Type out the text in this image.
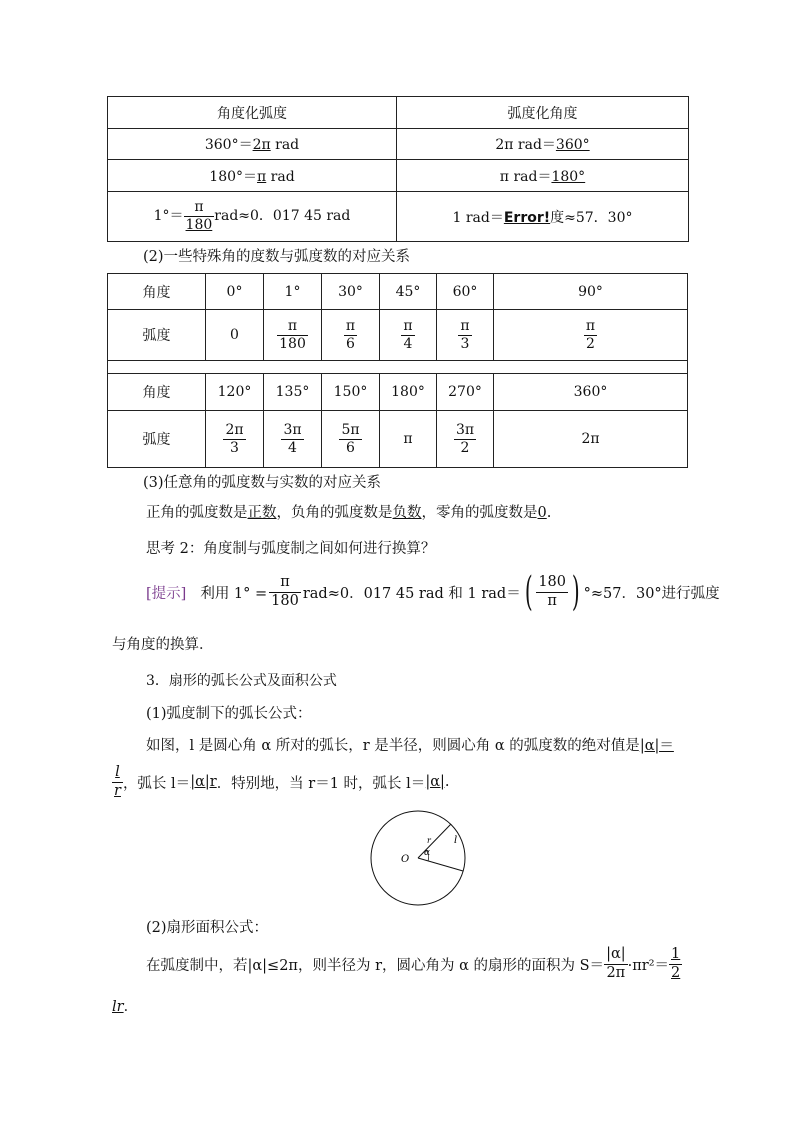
角度化弧度	弧度化角度
360°＝2π rad	2π rad＝360°
180°＝π rad	π rad＝180°
$1^\circ= \frac{\pi}{180} rad\approx 0$．017 45 rad	1 rad＝Error!度≈57．30°
(2)一些特殊角的度数与弧度数的对应关系
角度	0°	1°	30°	45°	60°	90°
弧度	0	$\frac{\pi}{180}$	$\frac{\pi}{6}$	$\frac{\pi}{4}$	$\frac{\pi}{3}$	$\frac{\pi}{2}$

角度	120°	135°	150°	180°	270°	360°
弧度	$\frac{2\pi}{3}$	$\frac{3\pi}{4}$	$\frac{5\pi}{6}$	π	$\frac{3\pi}{2}$	2π
(3)任意角的弧度数与实数的对应关系
正角的弧度数是正数，负角的弧度数是负数，零角的弧度数是0.
思考 2：角度制与弧度制之间如何进行换算？
[提示] 利用 $1^\circ = \frac{\pi}{180} rad\approx 0$．017 45 rad 和 1 rad＝ ( $\frac{180}{\pi}$ ) °≈57．30°进行弧度
与角度的换算．
3．扇形的弧长公式及面积公式
(1)弧度制下的弧长公式：
如图，l 是圆心角 α 所对的弧长，r 是半径，则圆心角 α 的弧度数的绝对值是|α|＝
$\frac{l}{r}$ ，弧长 l＝ |α|r ．特别地，当 r＝1 时，弧长 l＝ |α| .
O
r
α
l
(2)扇形面积公式：
在弧度制中，若|α|≤2π，则半径为 r，圆心角为 α 的扇形的面积为 $S= \frac{|\alpha|}{2\pi} \cdot\pi r^2= \frac{1}{2}$
lr．
